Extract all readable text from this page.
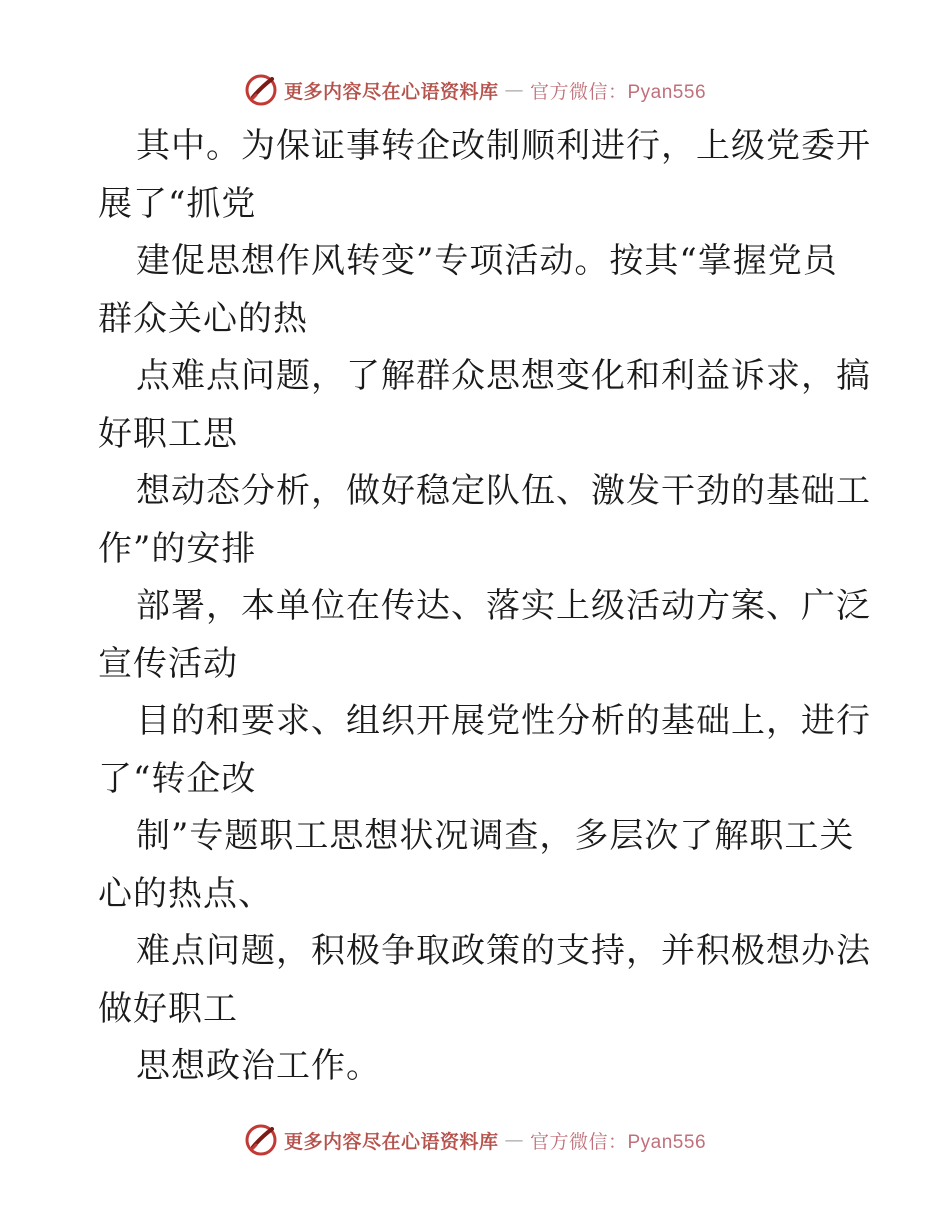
更多内容尽在心语资料库 — 官方微信：Pyan556
其中。为保证事转企改制顺利进行，上级党委开
展了“抓党
建促思想作风转变”专项活动。按其“掌握党员
群众关心的热
点难点问题，了解群众思想变化和利益诉求，搞
好职工思
想动态分析，做好稳定队伍、激发干劲的基础工
作”的安排
部署，本单位在传达、落实上级活动方案、广泛
宣传活动
目的和要求、组织开展党性分析的基础上，进行
了“转企改
制”专题职工思想状况调查，多层次了解职工关
心的热点、
难点问题，积极争取政策的支持，并积极想办法
做好职工
思想政治工作。
更多内容尽在心语资料库 — 官方微信：Pyan556
